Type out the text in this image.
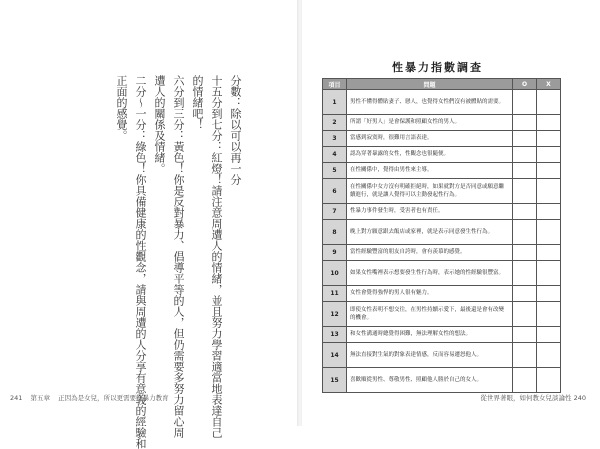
分數：除以可以再一分
十五分到七分：紅燈！請注意周遭人的情緒，並且努力學習適當地表達自己
的情緒吧！
六分到三分：黃色！你是反對暴力、倡導平等的人，但仍需要多努力留心周
遭人的關係及情緒。
二分～一分：綠色！你具備健康的性觀念，請與周遭的人分享有意義的經驗和
正面的感覺。
241 第五章 正因為是女兒，所以更需要性暴力教育
性暴力指數調查
項目	問題	O	X
1	男性不懂得體貼妻子、戀人，也覺得女性們沒有被體貼的需要。		
2	所謂「好男人」是會保護和照顧女性的男人。		
3	當感到寂寞時，很難用言語表達。		
4	認為穿著暴露的女性，性觀念也很隨便。		
5	在性關係中，覺得由男性來主導。		
6	在性關係中女方沒有明確拒絕時，如果就對方是否同意或願意繼續進行，就是讓人覺得可以主動發起性行為。		
7	性暴力事件發生時，受害者也有責任。		
8	晚上對方願意跟去飯店或家裡，就是表示同意發生性行為。		
9	當性經驗豐富的朋友自誇時，會有羨慕的感覺。		
10	如果女性嘴裡表示想要發生性行為時，表示她的性經驗很豐富。		
11	女性會覺得強悍的男人很有魅力。		
12	即使女性表明不想交往，在男性持續示愛下，最後還是會有改變的機會。		
13	和女性溝通時總覺得困難，無法理解女性的想法。		
14	無法直接對生氣的對象表達情感，反而容易遷怒他人。		
15	喜歡順從男性、尊敬男性、照顧他人勝於自己的女人。		
從世界著眼，如何教女兒談論性 240
